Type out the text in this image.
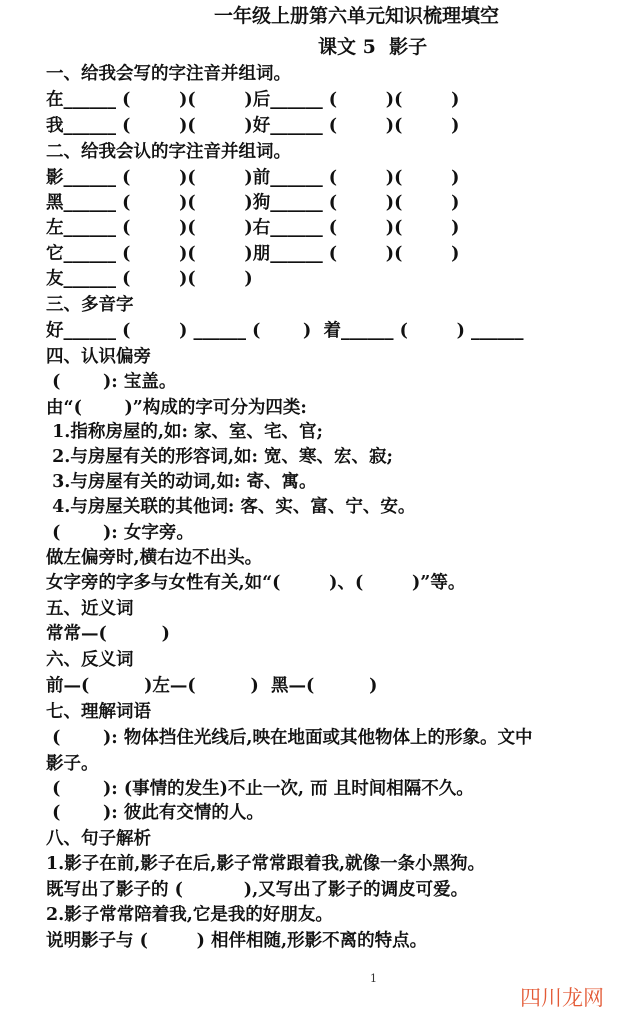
一年级上册第六单元知识梳理填空
课文 5  影子
一、给我会写的字注音并组词。
在______ (        )(        )后______ (        )(        )
我______ (        )(        )好______ (        )(        )
二、给我会认的字注音并组词。
影______ (        )(        )前______ (        )(        )
黑______ (        )(        )狗______ (        )(        )
左______ (        )(        )右______ (        )(        )
它______ (        )(        )朋______ (        )(        )
友______ (        )(        )
三、多音字
好______ (        ) ______ (       )  着______ (        ) ______
四、认识偏旁
(       ): 宝盖。
由“(       )”构成的字可分为四类:
1.指称房屋的,如: 家、室、宅、官;
2.与房屋有关的形容词,如: 宽、寒、宏、寂;
3.与房屋有关的动词,如: 寄、寓。
4.与房屋关联的其他词: 客、实、富、宁、安。
(       ): 女字旁。
做左偏旁时,横右边不出头。
女字旁的字多与女性有关,如“(        )、(        )”等。
五、近义词
常常—(         )
六、反义词
前—(         )左—(         )  黑—(         )
七、理解词语
(       ): 物体挡住光线后,映在地面或其他物体上的形象。文中
影子。
(       ): (事情的发生)不止一次, 而 且时间相隔不久。
(       ): 彼此有交情的人。
八、句子解析
1.影子在前,影子在后,影子常常跟着我,就像一条小黑狗。
既写出了影子的 (          ),又写出了影子的调皮可爱。
2.影子常常陪着我,它是我的好朋友。
说明影子与 (        ) 相伴相随,形影不离的特点。
1
四川龙网
